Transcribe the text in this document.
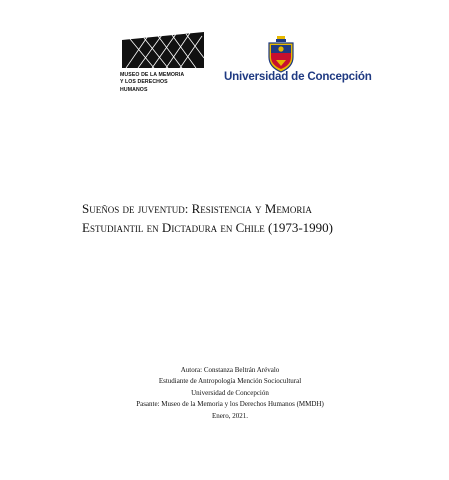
MUSEO DE LA MEMORIA
Y LOS DERECHOS
HUMANOS
Universidad de Concepción
Sueños de juventud: Resistencia y Memoria
Estudiantil en Dictadura en Chile (1973-1990)
Autora: Constanza Beltrán Arévalo
Estudiante de Antropología Mención Sociocultural
Universidad de Concepción
Pasante: Museo de la Memoria y los Derechos Humanos (MMDH)
Enero, 2021.
